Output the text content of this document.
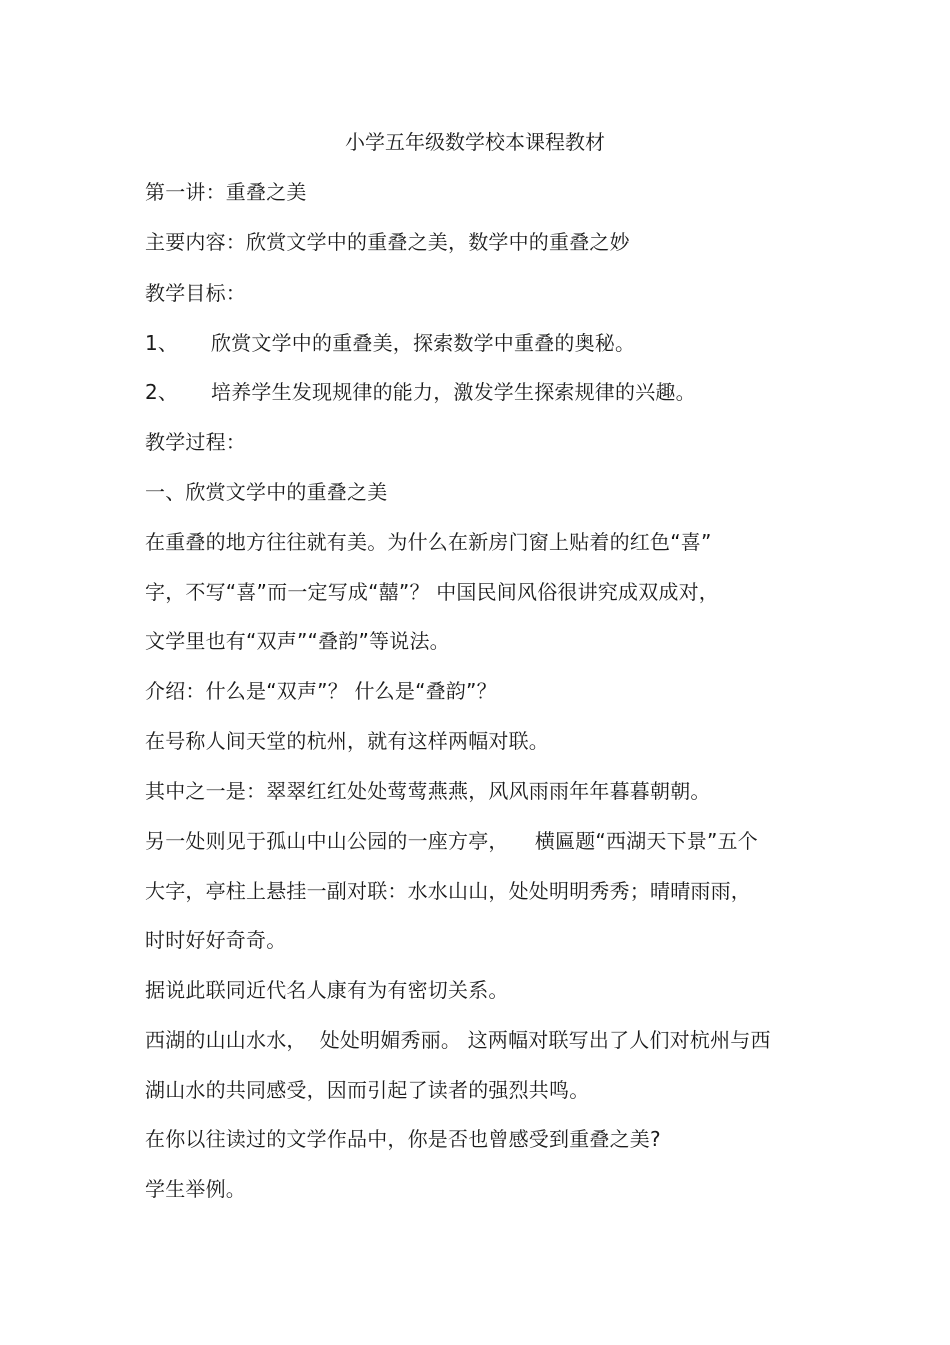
小学五年级数学校本课程教材
第一讲：重叠之美
主要内容：欣赏文学中的重叠之美，数学中的重叠之妙
教学目标：
1、 欣赏文学中的重叠美，探索数学中重叠的奥秘。
2、 培养学生发现规律的能力，激发学生探索规律的兴趣。
教学过程：
一、欣赏文学中的重叠之美
在重叠的地方往往就有美。为什么在新房门窗上贴着的红色“喜”
字，不写“喜”而一定写成“囍”？ 中国民间风俗很讲究成双成对，
文学里也有“双声”“叠韵”等说法。
介绍：什么是“双声”？ 什么是“叠韵”？
在号称人间天堂的杭州，就有这样两幅对联。
其中之一是：翠翠红红处处莺莺燕燕，风风雨雨年年暮暮朝朝。
另一处则见于孤山中山公园的一座方亭，    横匾题“西湖天下景”五个
大字，亭柱上悬挂一副对联：水水山山，处处明明秀秀；晴晴雨雨，
时时好好奇奇。
据说此联同近代名人康有为有密切关系。
西湖的山山水水，  处处明媚秀丽。 这两幅对联写出了人们对杭州与西
湖山水的共同感受，因而引起了读者的强烈共鸣。
在你以往读过的文学作品中，你是否也曾感受到重叠之美?
学生举例。
